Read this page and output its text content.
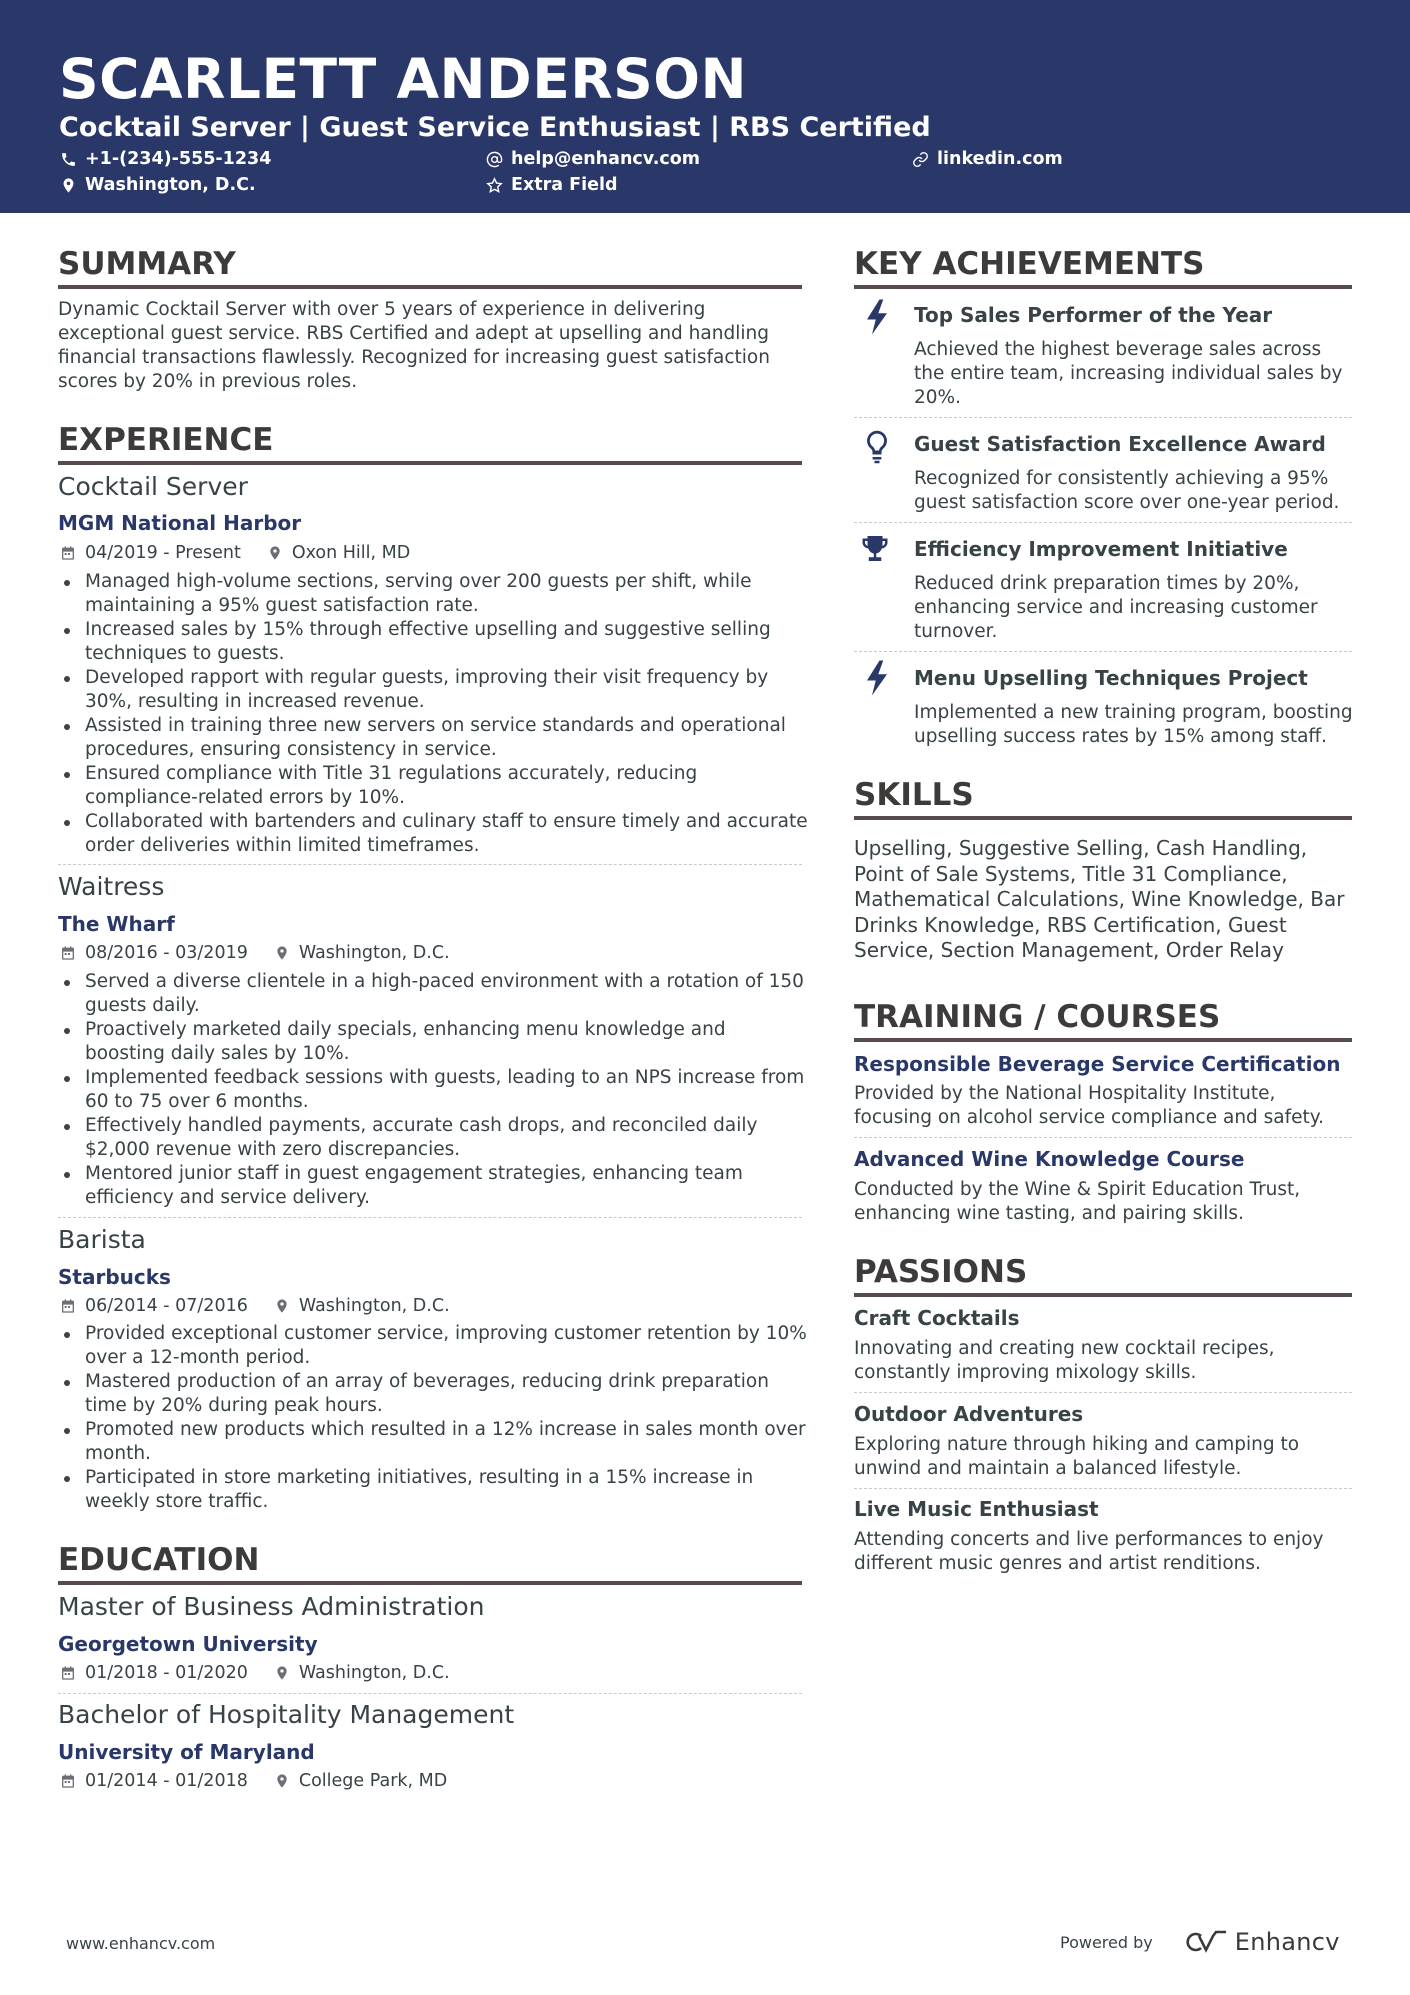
SCARLETT ANDERSON
Cocktail Server | Guest Service Enthusiast | RBS Certified
+1-(234)-555-1234	help@enhancv.com	linkedin.com
Washington, D.C.	Extra Field
SUMMARY
Dynamic Cocktail Server with over 5 years of experience in delivering
exceptional guest service. RBS Certified and adept at upselling and handling
financial transactions flawlessly. Recognized for increasing guest satisfaction
scores by 20% in previous roles.
EXPERIENCE
Cocktail Server
MGM National Harbor
04/2019 - Present	Oxon Hill, MD
Managed high-volume sections, serving over 200 guests per shift, while
maintaining a 95% guest satisfaction rate.
Increased sales by 15% through effective upselling and suggestive selling
techniques to guests.
Developed rapport with regular guests, improving their visit frequency by
30%, resulting in increased revenue.
Assisted in training three new servers on service standards and operational
procedures, ensuring consistency in service.
Ensured compliance with Title 31 regulations accurately, reducing
compliance-related errors by 10%.
Collaborated with bartenders and culinary staff to ensure timely and accurate
order deliveries within limited timeframes.
Waitress
The Wharf
08/2016 - 03/2019	Washington, D.C.
Served a diverse clientele in a high-paced environment with a rotation of 150
guests daily.
Proactively marketed daily specials, enhancing menu knowledge and
boosting daily sales by 10%.
Implemented feedback sessions with guests, leading to an NPS increase from
60 to 75 over 6 months.
Effectively handled payments, accurate cash drops, and reconciled daily
$2,000 revenue with zero discrepancies.
Mentored junior staff in guest engagement strategies, enhancing team
efficiency and service delivery.
Barista
Starbucks
06/2014 - 07/2016	Washington, D.C.
Provided exceptional customer service, improving customer retention by 10%
over a 12-month period.
Mastered production of an array of beverages, reducing drink preparation
time by 20% during peak hours.
Promoted new products which resulted in a 12% increase in sales month over
month.
Participated in store marketing initiatives, resulting in a 15% increase in
weekly store traffic.
EDUCATION
Master of Business Administration
Georgetown University
01/2018 - 01/2020	Washington, D.C.
Bachelor of Hospitality Management
University of Maryland
01/2014 - 01/2018	College Park, MD
KEY ACHIEVEMENTS
Top Sales Performer of the Year
Achieved the highest beverage sales across
the entire team, increasing individual sales by
20%.
Guest Satisfaction Excellence Award
Recognized for consistently achieving a 95%
guest satisfaction score over one-year period.
Efficiency Improvement Initiative
Reduced drink preparation times by 20%,
enhancing service and increasing customer
turnover.
Menu Upselling Techniques Project
Implemented a new training program, boosting
upselling success rates by 15% among staff.
SKILLS
Upselling, Suggestive Selling, Cash Handling,
Point of Sale Systems, Title 31 Compliance,
Mathematical Calculations, Wine Knowledge, Bar
Drinks Knowledge, RBS Certification, Guest
Service, Section Management, Order Relay
TRAINING / COURSES
Responsible Beverage Service Certification
Provided by the National Hospitality Institute,
focusing on alcohol service compliance and safety.
Advanced Wine Knowledge Course
Conducted by the Wine & Spirit Education Trust,
enhancing wine tasting, and pairing skills.
PASSIONS
Craft Cocktails
Innovating and creating new cocktail recipes,
constantly improving mixology skills.
Outdoor Adventures
Exploring nature through hiking and camping to
unwind and maintain a balanced lifestyle.
Live Music Enthusiast
Attending concerts and live performances to enjoy
different music genres and artist renditions.
www.enhancv.com	Powered by	Enhancv
